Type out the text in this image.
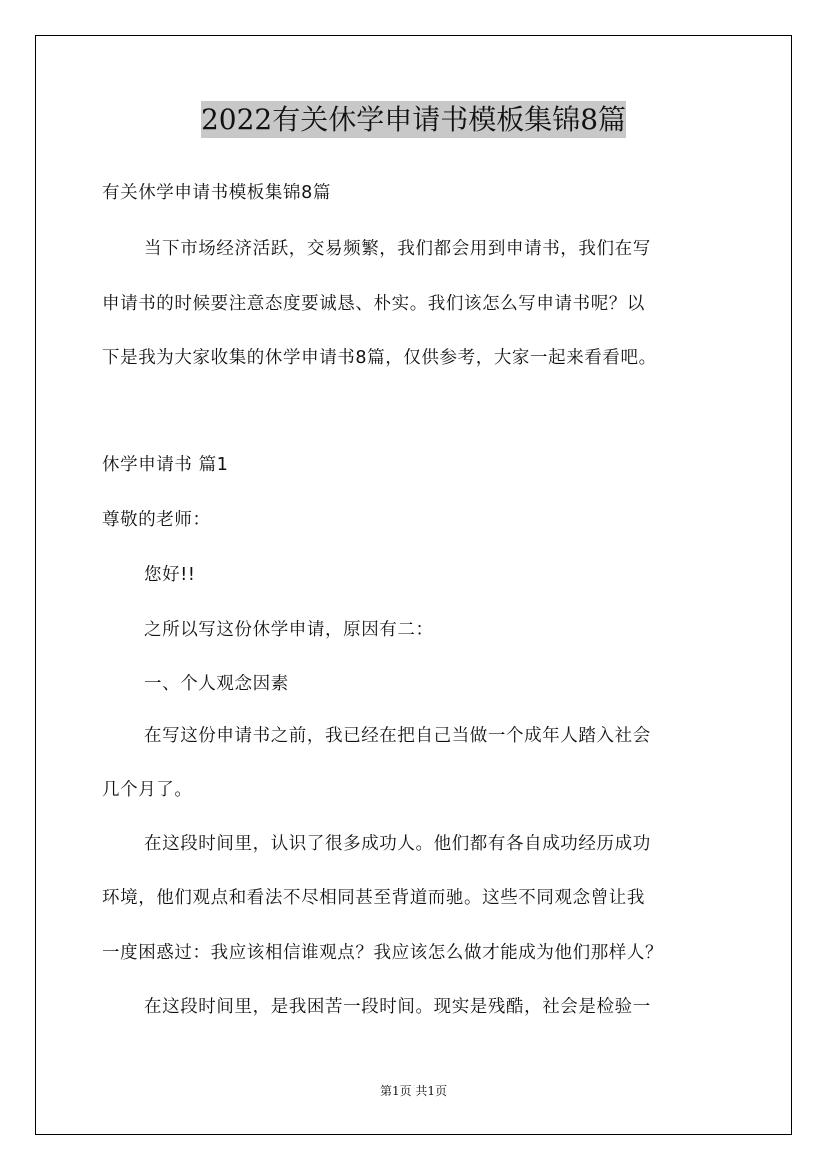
2022有关休学申请书模板集锦8篇

有关休学申请书模板集锦8篇

当下市场经济活跃，交易频繁，我们都会用到申请书，我们在写

申请书的时候要注意态度要诚恳、朴实。我们该怎么写申请书呢？以

下是我为大家收集的休学申请书8篇，仅供参考，大家一起来看看吧。

休学申请书 篇1

尊敬的老师：

您好!!

之所以写这份休学申请，原因有二：

一、个人观念因素

在写这份申请书之前，我已经在把自己当做一个成年人踏入社会

几个月了。

在这段时间里，认识了很多成功人。他们都有各自成功经历成功

环境，他们观点和看法不尽相同甚至背道而驰。这些不同观念曾让我

一度困惑过：我应该相信谁观点？我应该怎么做才能成为他们那样人？

在这段时间里，是我困苦一段时间。现实是残酷，社会是检验一

第1页 共1页
